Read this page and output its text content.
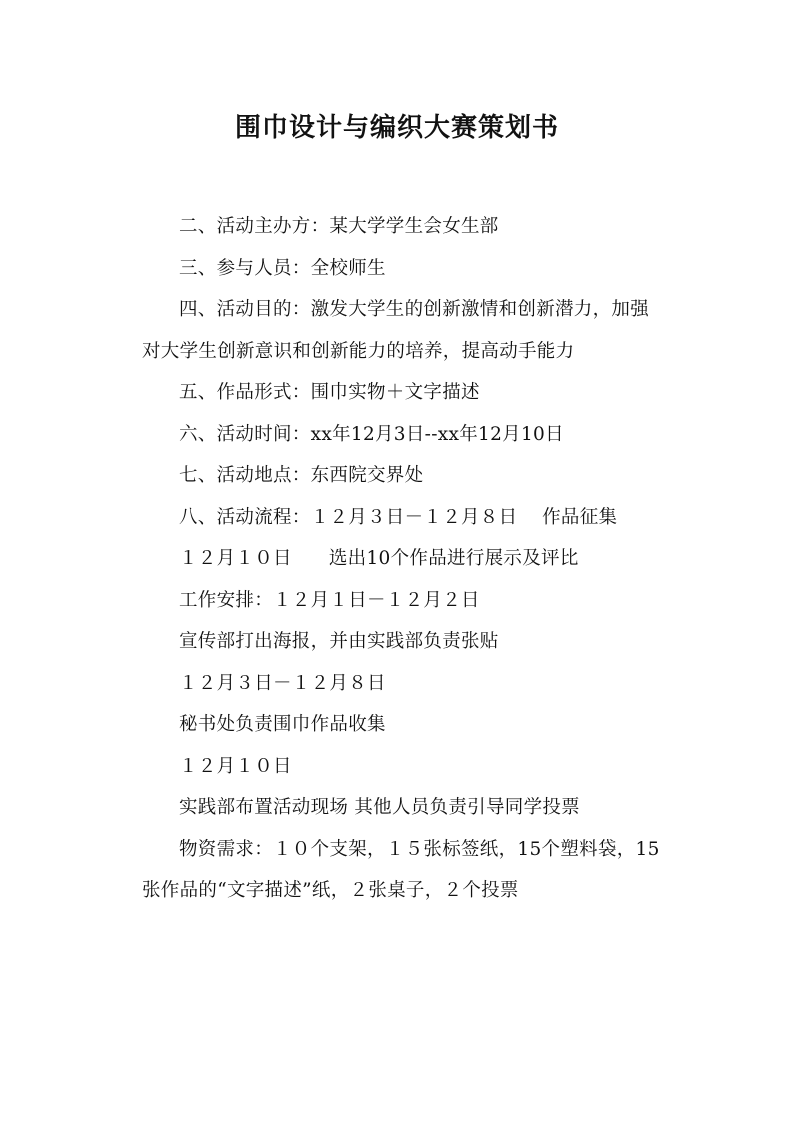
围巾设计与编织大赛策划书

二、活动主办方：某大学学生会女生部

三、参与人员：全校师生

四、活动目的：激发大学生的创新激情和创新潜力，加强对大学生创新意识和创新能力的培养，提高动手能力

五、作品形式：围巾实物＋文字描述

六、活动时间：xx年12月3日--xx年12月10日

七、活动地点：东西院交界处

八、活动流程：１２月３日－１２月８日    作品征集

１２月１０日      选出10个作品进行展示及评比

工作安排：１２月１日－１２月２日

宣传部打出海报，并由实践部负责张贴

１２月３日－１２月８日

秘书处负责围巾作品收集

１２月１０日

实践部布置活动现场 其他人员负责引导同学投票

物资需求：１０个支架，１５张标签纸，15个塑料袋，15张作品的“文字描述”纸，２张桌子，２个投票
